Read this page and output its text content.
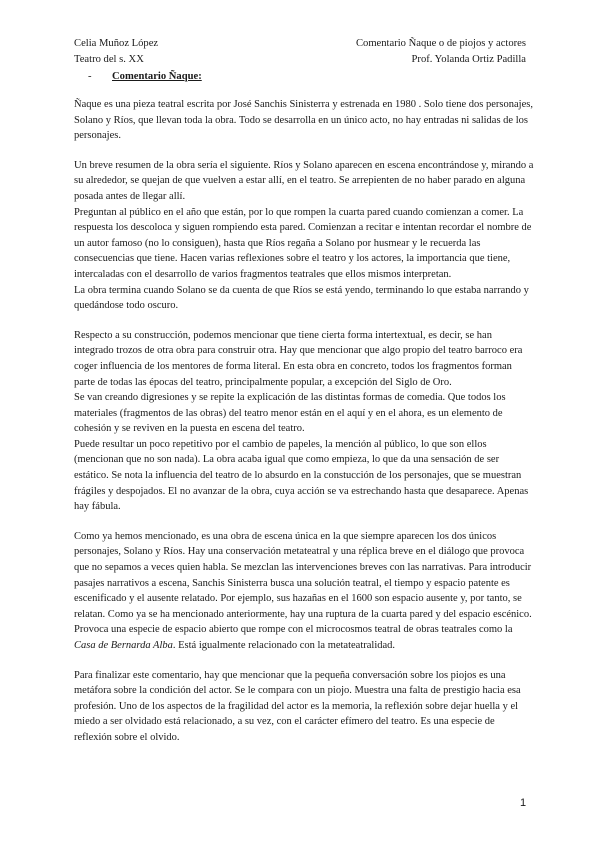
Celia Muñoz López	Comentario Ñaque o de piojos y actores
Teatro del s. XX	Prof. Yolanda Ortiz Padilla
- Comentario Ñaque:

Ñaque es una pieza teatral escrita por José Sanchis Sinisterra y estrenada en 1980 . Solo tiene dos personajes, Solano y Ríos, que llevan toda la obra. Todo se desarrolla en un único acto, no hay entradas ni salidas de los personajes.

Un breve resumen de la obra sería el siguiente. Ríos y Solano aparecen en escena encontrándose y, mirando a su alrededor, se quejan de que vuelven a estar allí, en el teatro. Se arrepienten de no haber parado en alguna posada antes de llegar allí.

Preguntan al público en el año que están, por lo que rompen la cuarta pared cuando comienzan a comer. La respuesta los descoloca y siguen rompiendo esta pared. Comienzan a recitar e intentan recordar el nombre de un autor famoso (no lo consiguen), hasta que Ríos regaña a Solano por husmear y le recuerda las consecuencias que tiene. Hacen varias reflexiones sobre el teatro y los actores, la importancia que tiene, intercaladas con el desarrollo de varios fragmentos teatrales que ellos mismos interpretan.

La obra termina cuando Solano se da cuenta de que Ríos se está yendo, terminando lo que estaba narrando y quedándose todo oscuro.

Respecto a su construcción, podemos mencionar que tiene cierta forma intertextual, es decir, se han integrado trozos de otra obra para construir otra. Hay que mencionar que algo propio del teatro barroco era coger influencia de los mentores de forma literal. En esta obra en concreto, todos los fragmentos forman parte de todas las épocas del teatro, principalmente popular, a excepción del Siglo de Oro.

Se van creando digresiones y se repite la explicación de las distintas formas de comedia. Que todos los materiales (fragmentos de las obras) del teatro menor están en el aquí y en el ahora, es un elemento de cohesión y se reviven en la puesta en escena del teatro.

Puede resultar un poco repetitivo por el cambio de papeles, la mención al público, lo que son ellos (mencionan que no son nada). La obra acaba igual que como empieza, lo que da una sensación de ser estático. Se nota la influencia del teatro de lo absurdo en la constucción de los personajes, que se muestran frágiles y despojados. El no avanzar de la obra, cuya acción se va estrechando hasta que desaparece. Apenas hay fábula.

Como ya hemos mencionado, es una obra de escena única en la que siempre aparecen los dos únicos personajes, Solano y Ríos. Hay una conservación metateatral y una réplica breve en el diálogo que provoca que no sepamos a veces quien habla. Se mezclan las intervenciones breves con las narrativas. Para introducir pasajes narrativos a escena, Sanchis Sinisterra busca una solución teatral, el tiempo y espacio patente es escenificado y el ausente relatado. Por ejemplo, sus hazañas en el 1600 son espacio ausente y, por tanto, se relatan. Como ya se ha mencionado anteriormente, hay una ruptura de la cuarta pared y del espacio escénico. Provoca una especie de espacio abierto que rompe con el microcosmos teatral de obras teatrales como la Casa de Bernarda Alba. Está igualmente relacionado con la metateatralidad.

Para finalizar este comentario, hay que mencionar que la pequeña conversación sobre los piojos es una metáfora sobre la condición del actor. Se le compara con un piojo. Muestra una falta de prestigio hacia esa profesión. Uno de los aspectos de la fragilidad del actor es la memoria, la reflexión sobre dejar huella y el miedo a ser olvidado está relacionado, a su vez, con el carácter efímero del teatro. Es una especie de reflexión sobre el olvido.

1
